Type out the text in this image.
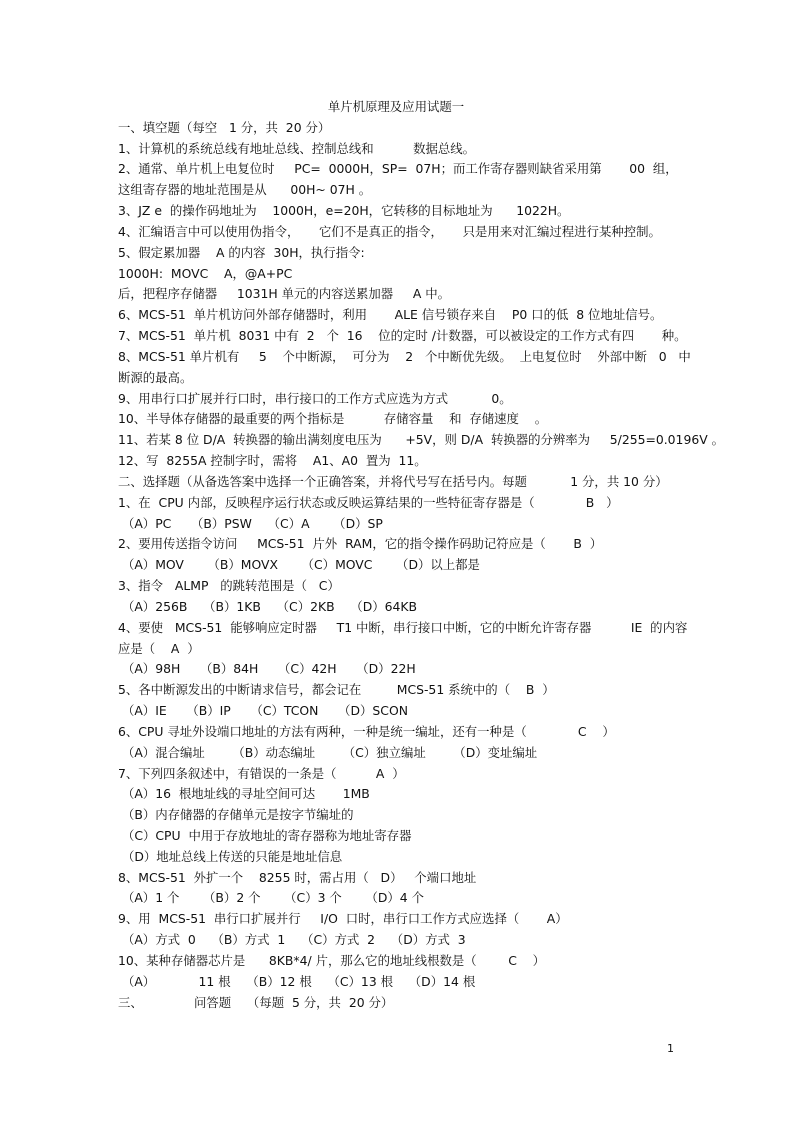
单片机原理及应用试题一
一、填空题（每空   1 分，共  20 分）
1、计算机的系统总线有地址总线、控制总线和          数据总线。
2、通常、单片机上电复位时     PC=  0000H，SP=  07H；而工作寄存器则缺省采用第       00  组，
这组寄存器的地址范围是从      00H~ 07H 。
3、JZ e  的操作码地址为    1000H，e=20H，它转移的目标地址为      1022H。
4、汇编语言中可以使用伪指令，     它们不是真正的指令，     只是用来对汇编过程进行某种控制。
5、假定累加器    A 的内容  30H，执行指令:
1000H:  MOVC    A，@A+PC
后，把程序存储器     1031H 单元的内容送累加器     A 中。
6、MCS-51  单片机访问外部存储器时，利用       ALE 信号锁存来自    P0 口的低  8 位地址信号。
7、MCS-51  单片机  8031 中有  2   个  16    位的定时 /计数器，可以被设定的工作方式有四       种。
8、MCS-51 单片机有     5    个中断源，  可分为    2   个中断优先级。  上电复位时    外部中断   0   中
断源的最高。
9、用串行口扩展并行口时，串行接口的工作方式应选为方式           0。
10、半导体存储器的最重要的两个指标是          存储容量    和  存储速度    。
11、若某 8 位 D/A  转换器的输出满刻度电压为      +5V，则 D/A  转换器的分辨率为     5/255=0.0196V 。
12、写  8255A 控制字时，需将    A1、A0  置为  11。
二、选择题（从备选答案中选择一个正确答案，并将代号写在括号内。每题           1 分，共 10 分）
1、在  CPU 内部，反映程序运行状态或反映运算结果的一些特征寄存器是（             B   ）
（A）PC     （B）PSW    （C）A      （D）SP
2、要用传送指令访问     MCS-51  片外  RAM，它的指令操作码助记符应是（       B  ）
（A）MOV      （B）MOVX      （C）MOVC      （D）以上都是
3、指令   ALMP   的跳转范围是（   C）
（A）256B    （B）1KB    （C）2KB    （D）64KB
4、要使   MCS-51  能够响应定时器     T1 中断，串行接口中断，它的中断允许寄存器          IE  的内容
应是（    A  ）
（A）98H     （B）84H     （C）42H     （D）22H
5、各中断源发出的中断请求信号，都会记在         MCS-51 系统中的（    B  ）
（A）IE     （B）IP     （C）TCON     （D）SCON
6、CPU 寻址外设端口地址的方法有两种，一种是统一编址，还有一种是（             C    ）
（A）混合编址       （B）动态编址       （C）独立编址       （D）变址编址
7、下列四条叙述中，有错误的一条是（          A  ）
（A）16  根地址线的寻址空间可达       1MB
（B）内存储器的存储单元是按字节编址的
（C）CPU  中用于存放地址的寄存器称为地址寄存器
（D）地址总线上传送的只能是地址信息
8、MCS-51  外扩一个    8255 时，需占用（   D）   个端口地址
（A）1 个      （B）2 个      （C）3 个      （D）4 个
9、用  MCS-51  串行口扩展并行     I/O  口时，串行口工作方式应选择（       A）
（A）方式  0    （B）方式  1    （C）方式  2    （D）方式  3
10、某种存储器芯片是      8KB*4/ 片，那么它的地址线根数是（        C    ）
（A）           11 根    （B）12 根    （C）13 根    （D）14 根
三、             问答题    （每题  5 分，共  20 分）
1
